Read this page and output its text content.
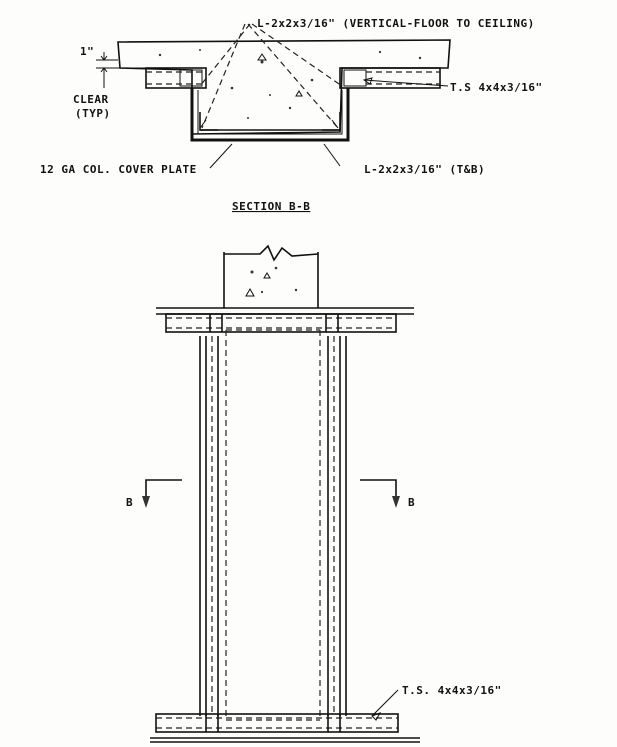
L-2x2x3/16" (VERTICAL-FLOOR TO CEILING)
1"
CLEAR
(TYP)
T.S 4x4x3/16"
12 GA COL. COVER PLATE	L-2x2x3/16" (T&B)
SECTION B-B
B	B
T.S. 4x4x3/16"
